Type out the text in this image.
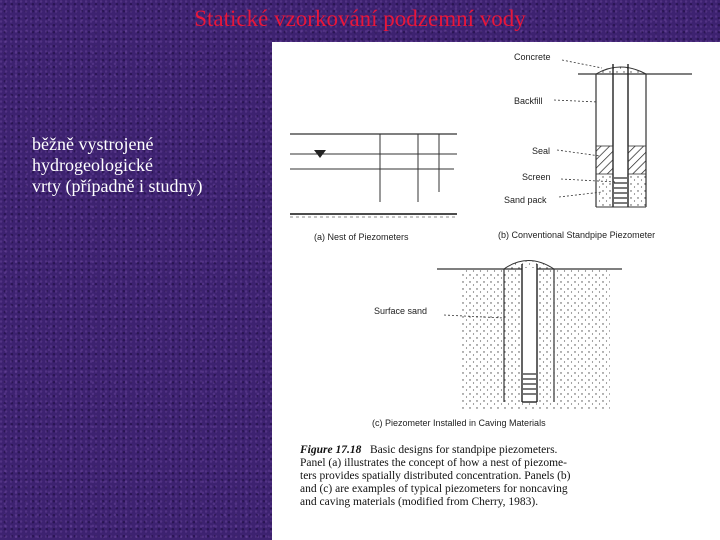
Statické vzorkování podzemní vody
běžně vystrojené
hydrogeologické
vrty (případně i studny)
(a) Nest of Piezometers
Concrete
Backfill
Seal
Screen
Sand pack
(b) Conventional Standpipe Piezometer
Surface sand
(c) Piezometer Installed in Caving Materials
Figure 17.18 Basic designs for standpipe piezometers.
Panel (a) illustrates the concept of how a nest of piezome-
ters provides spatially distributed concentration. Panels (b)
and (c) are examples of typical piezometers for noncaving
and caving materials (modified from Cherry, 1983).
